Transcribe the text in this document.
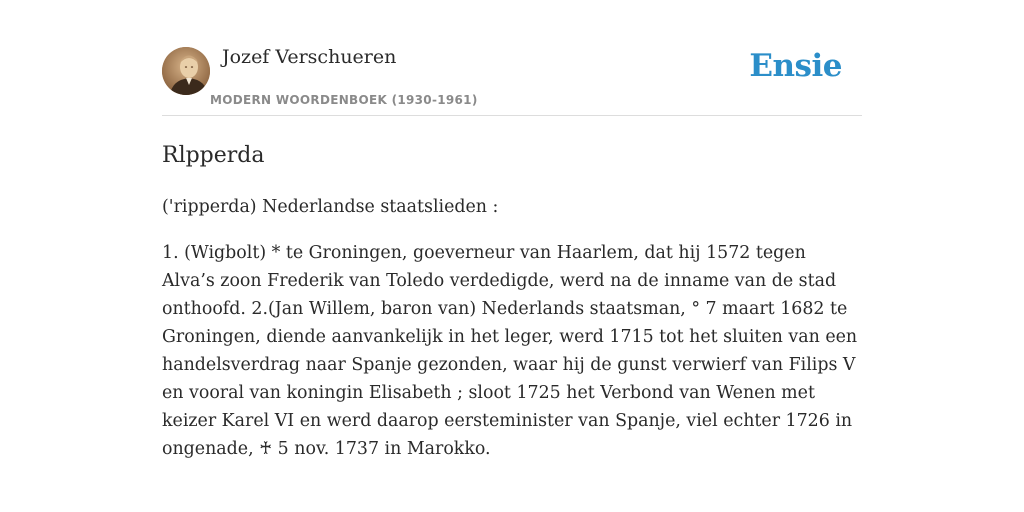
Jozef Verschueren
MODERN WOORDENBOEK (1930-1961)
Ensie
Rlpperda

('ripperda) Nederlandse staatslieden :

1. (Wigbolt) * te Groningen, goeverneur van Haarlem, dat hij 1572 tegen Alva’s zoon Frederik van Toledo verdedigde, werd na de inname van de stad onthoofd. 2.(Jan Willem, baron van) Nederlands staatsman, ° 7 maart 1682 te Groningen, diende aanvankelijk in het leger, werd 1715 tot het sluiten van een handelsverdrag naar Spanje gezonden, waar hij de gunst verwierf van Filips V en vooral van koningin Elisabeth ; sloot 1725 het Verbond van Wenen met keizer Karel VI en werd daarop eersteminister van Spanje, viel echter 1726 in ongenade, ♰ 5 nov. 1737 in Marokko.
